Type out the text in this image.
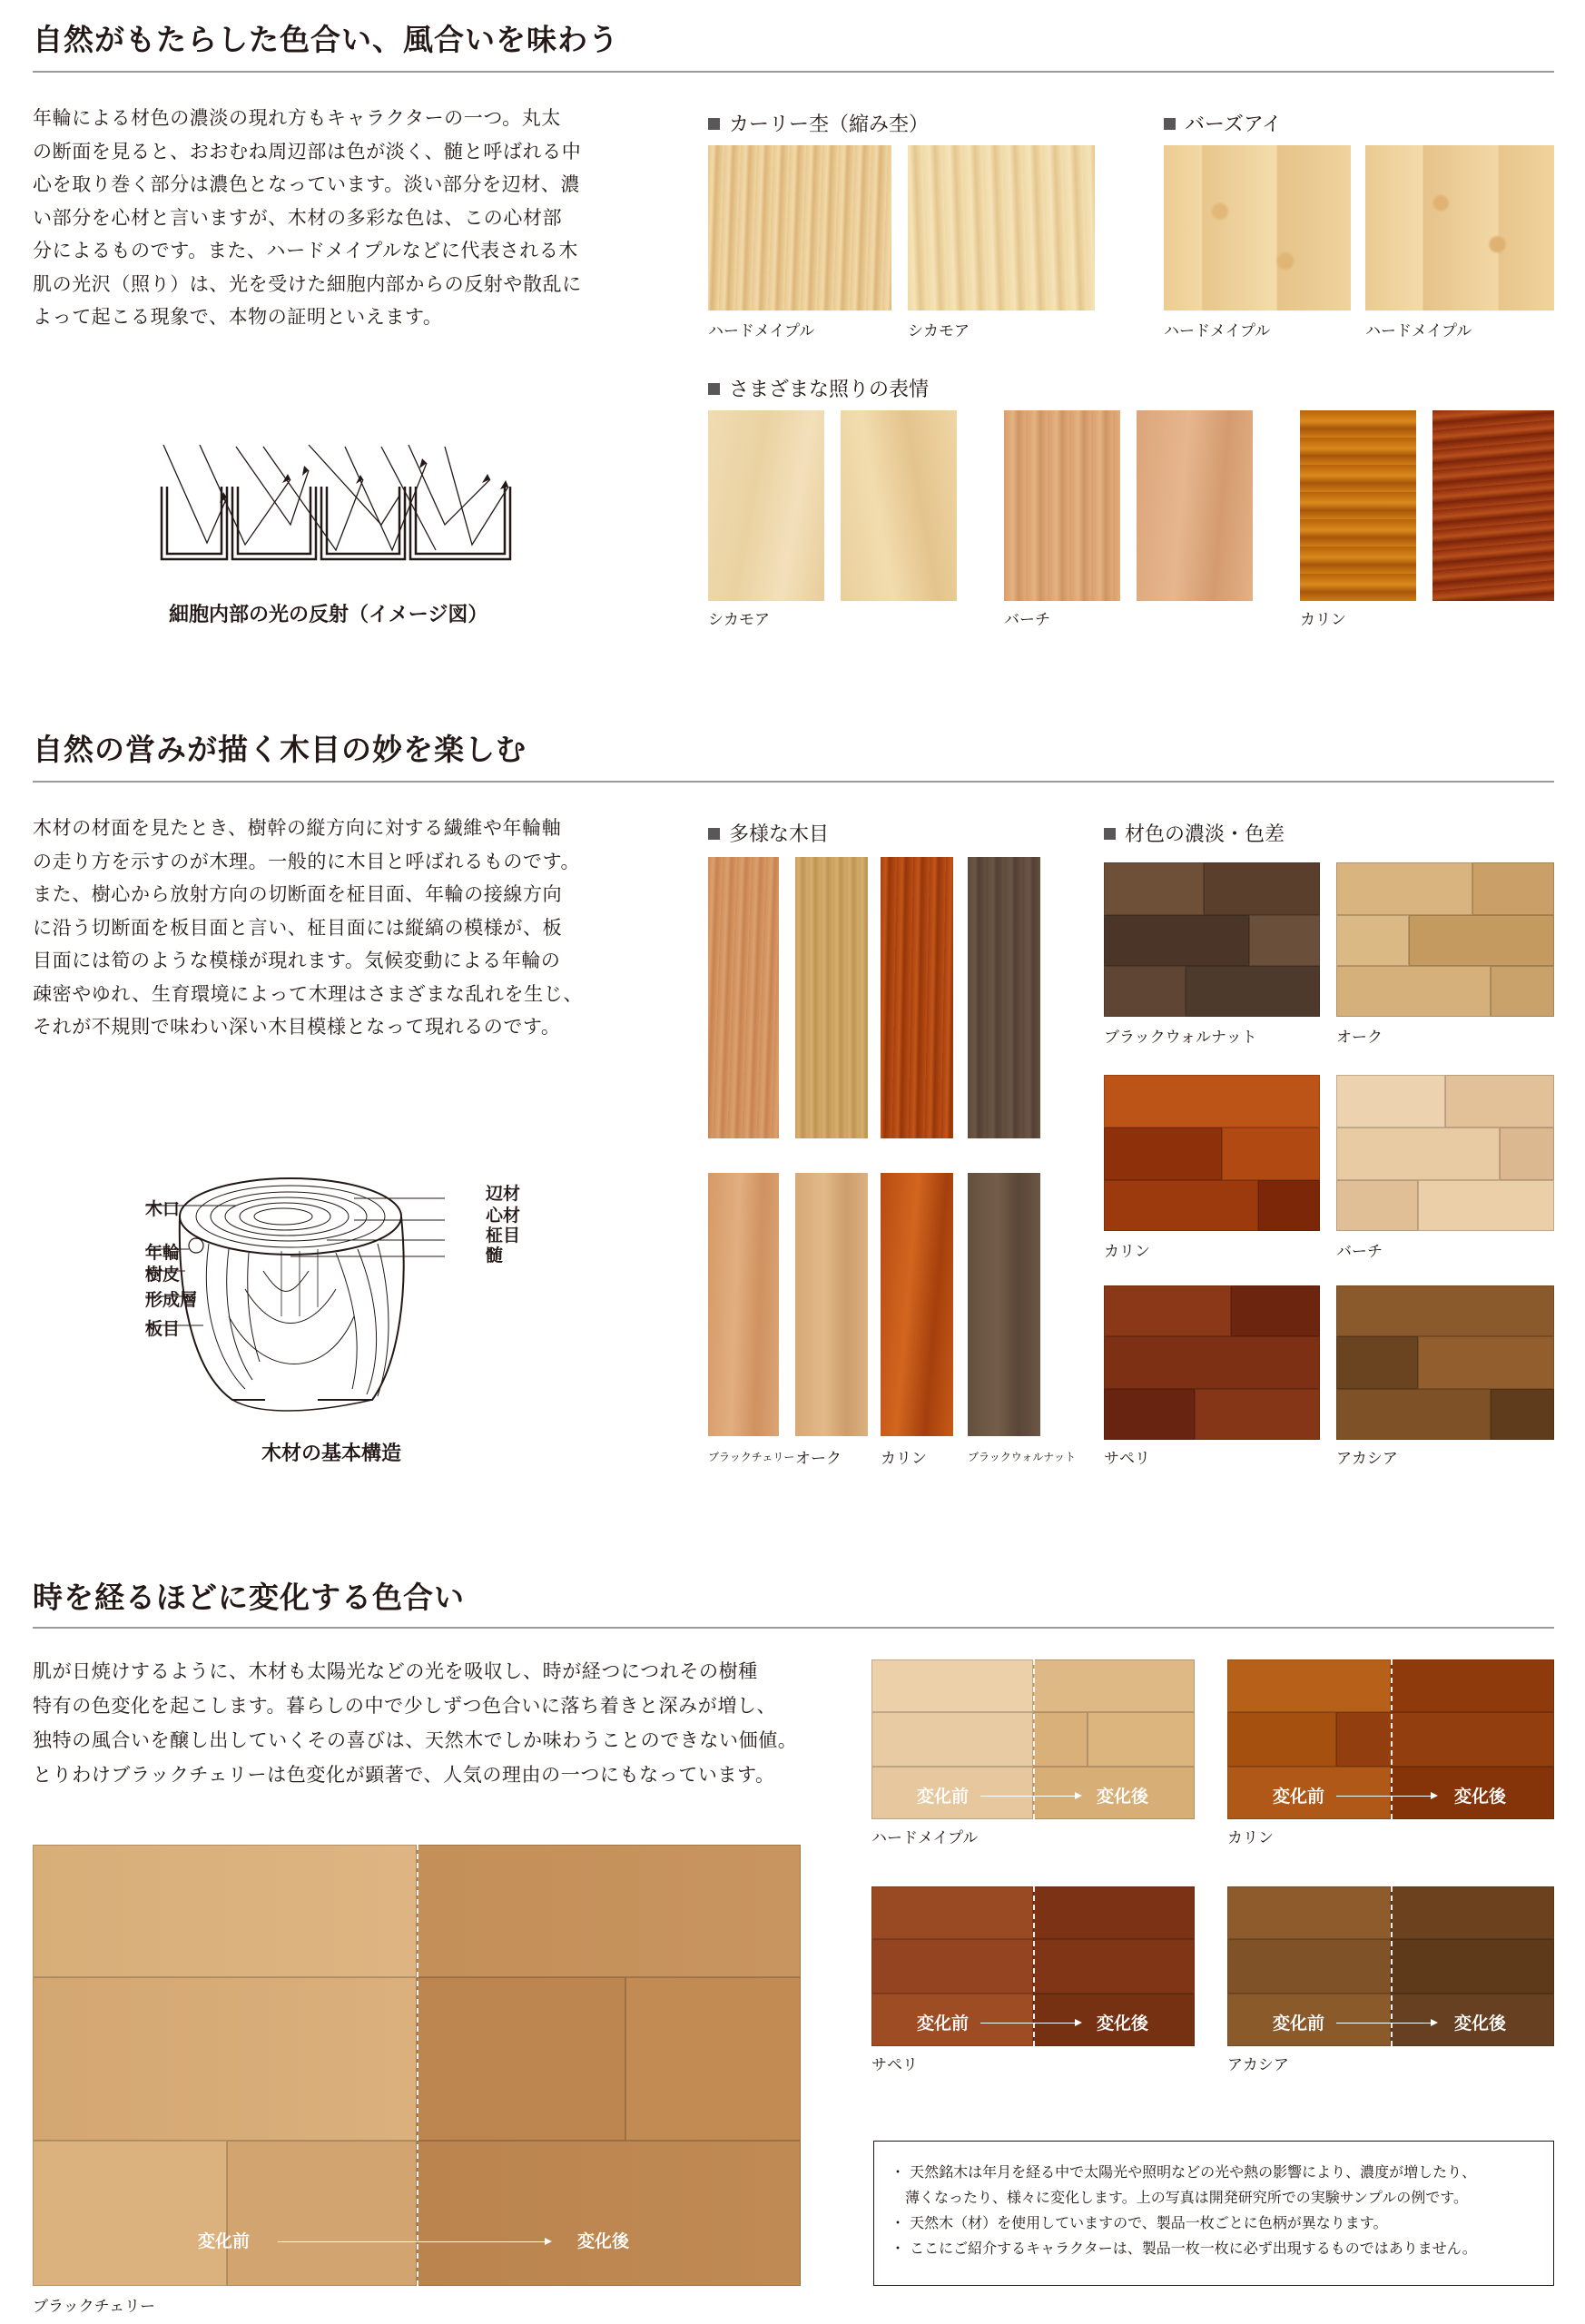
自然がもたらした色合い、風合いを味わう
年輪による材色の濃淡の現れ方もキャラクターの一つ。丸太
の断面を見ると、おおむね周辺部は色が淡く、髄と呼ばれる中
心を取り巻く部分は濃色となっています。淡い部分を辺材、濃
い部分を心材と言いますが、木材の多彩な色は、この心材部
分によるものです。また、ハードメイプルなどに代表される木
肌の光沢（照り）は、光を受けた細胞内部からの反射や散乱に
よって起こる現象で、本物の証明といえます。
細胞内部の光の反射（イメージ図）
カーリー杢（縮み杢）
ハードメイプル	シカモア
バーズアイ
ハードメイプル	ハードメイプル
さまざまな照りの表情
シカモア	バーチ	カリン
自然の営みが描く木目の妙を楽しむ
木材の材面を見たとき、樹幹の縦方向に対する繊維や年輪軸
の走り方を示すのが木理。一般的に木目と呼ばれるものです。
また、樹心から放射方向の切断面を柾目面、年輪の接線方向
に沿う切断面を板目面と言い、柾目面には縦縞の模様が、板
目面には筍のような模様が現れます。気候変動による年輪の
疎密やゆれ、生育環境によって木理はさまざまな乱れを生じ、
それが不規則で味わい深い木目模様となって現れるのです。
木口
年輪
樹皮
形成層
板目
辺材
心材
柾目
髄
木材の基本構造
多様な木目
ブラックチェリー オーク	カリン	ブラックウォルナット
材色の濃淡・色差
ブラックウォルナット	オーク
カリン	バーチ
サペリ	アカシア
時を経るほどに変化する色合い
肌が日焼けするように、木材も太陽光などの光を吸収し、時が経つにつれその樹種
特有の色変化を起こします。暮らしの中で少しずつ色合いに落ち着きと深みが増し、
独特の風合いを醸し出していくその喜びは、天然木でしか味わうことのできない価値。
とりわけブラックチェリーは色変化が顕著で、人気の理由の一つにもなっています。
変化前	変化後
ブラックチェリー
変化前	変化後
ハードメイプル
変化前	変化後
カリン
変化前	変化後
サペリ
変化前	変化後
アカシア
・ 天然銘木は年月を経る中で太陽光や照明などの光や熱の影響により、濃度が増したり、
　薄くなったり、様々に変化します。上の写真は開発研究所での実験サンプルの例です。
・ 天然木（材）を使用していますので、製品一枚ごとに色柄が異なります。
・ ここにご紹介するキャラクターは、製品一枚一枚に必ず出現するものではありません。
